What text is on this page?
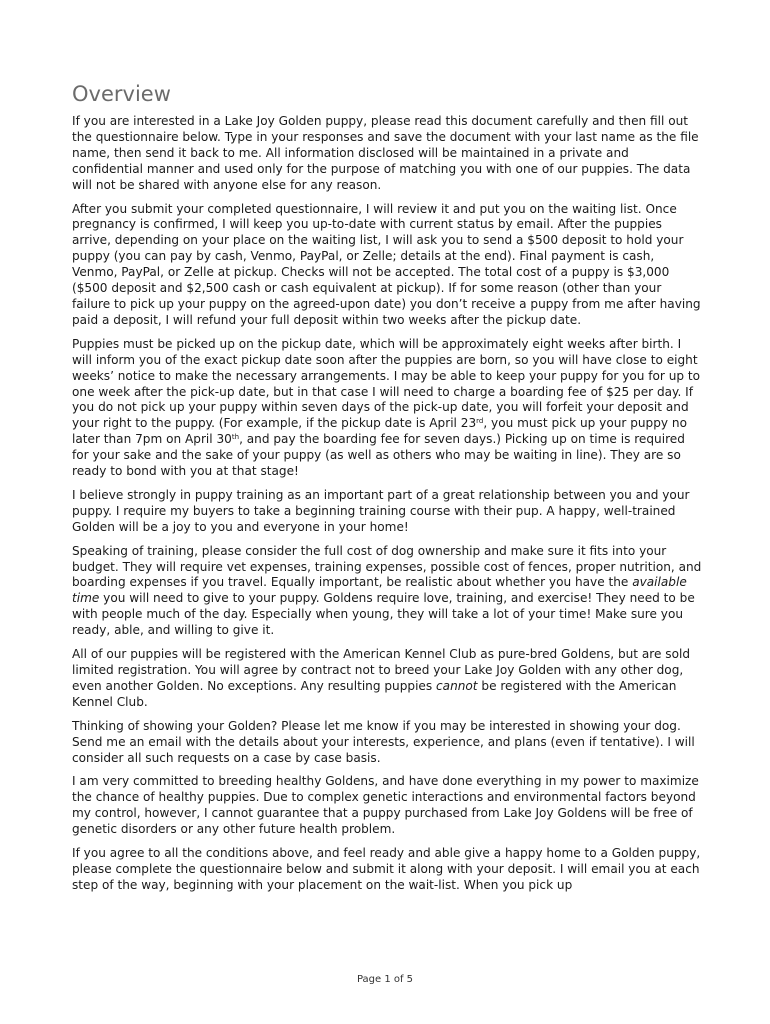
Overview

If you are interested in a Lake Joy Golden puppy, please read this document carefully and then fill out the questionnaire below. Type in your responses and save the document with your last name as the file name, then send it back to me. All information disclosed will be maintained in a private and confidential manner and used only for the purpose of matching you with one of our puppies. The data will not be shared with anyone else for any reason.

After you submit your completed questionnaire, I will review it and put you on the waiting list. Once pregnancy is confirmed, I will keep you up-to-date with current status by email. After the puppies arrive, depending on your place on the waiting list, I will ask you to send a $500 deposit to hold your puppy (you can pay by cash, Venmo, PayPal, or Zelle; details at the end). Final payment is cash, Venmo, PayPal, or Zelle at pickup. Checks will not be accepted. The total cost of a puppy is $3,000 ($500 deposit and $2,500 cash or cash equivalent at pickup). If for some reason (other than your failure to pick up your puppy on the agreed-upon date) you don’t receive a puppy from me after having paid a deposit, I will refund your full deposit within two weeks after the pickup date.

Puppies must be picked up on the pickup date, which will be approximately eight weeks after birth. I will inform you of the exact pickup date soon after the puppies are born, so you will have close to eight weeks’ notice to make the necessary arrangements. I may be able to keep your puppy for you for up to one week after the pick-up date, but in that case I will need to charge a boarding fee of $25 per day. If you do not pick up your puppy within seven days of the pick-up date, you will forfeit your deposit and your right to the puppy. (For example, if the pickup date is April 23rd, you must pick up your puppy no later than 7pm on April 30th, and pay the boarding fee for seven days.) Picking up on time is required for your sake and the sake of your puppy (as well as others who may be waiting in line). They are so ready to bond with you at that stage!

I believe strongly in puppy training as an important part of a great relationship between you and your puppy. I require my buyers to take a beginning training course with their pup. A happy, well-trained Golden will be a joy to you and everyone in your home!

Speaking of training, please consider the full cost of dog ownership and make sure it fits into your budget. They will require vet expenses, training expenses, possible cost of fences, proper nutrition, and boarding expenses if you travel. Equally important, be realistic about whether you have the available time you will need to give to your puppy. Goldens require love, training, and exercise! They need to be with people much of the day. Especially when young, they will take a lot of your time! Make sure you ready, able, and willing to give it.

All of our puppies will be registered with the American Kennel Club as pure-bred Goldens, but are sold limited registration. You will agree by contract not to breed your Lake Joy Golden with any other dog, even another Golden. No exceptions. Any resulting puppies cannot be registered with the American Kennel Club.

Thinking of showing your Golden? Please let me know if you may be interested in showing your dog. Send me an email with the details about your interests, experience, and plans (even if tentative). I will consider all such requests on a case by case basis.

I am very committed to breeding healthy Goldens, and have done everything in my power to maximize the chance of healthy puppies. Due to complex genetic interactions and environmental factors beyond my control, however, I cannot guarantee that a puppy purchased from Lake Joy Goldens will be free of genetic disorders or any other future health problem.

If you agree to all the conditions above, and feel ready and able give a happy home to a Golden puppy, please complete the questionnaire below and submit it along with your deposit. I will email you at each step of the way, beginning with your placement on the wait-list. When you pick up

Page 1 of 5
